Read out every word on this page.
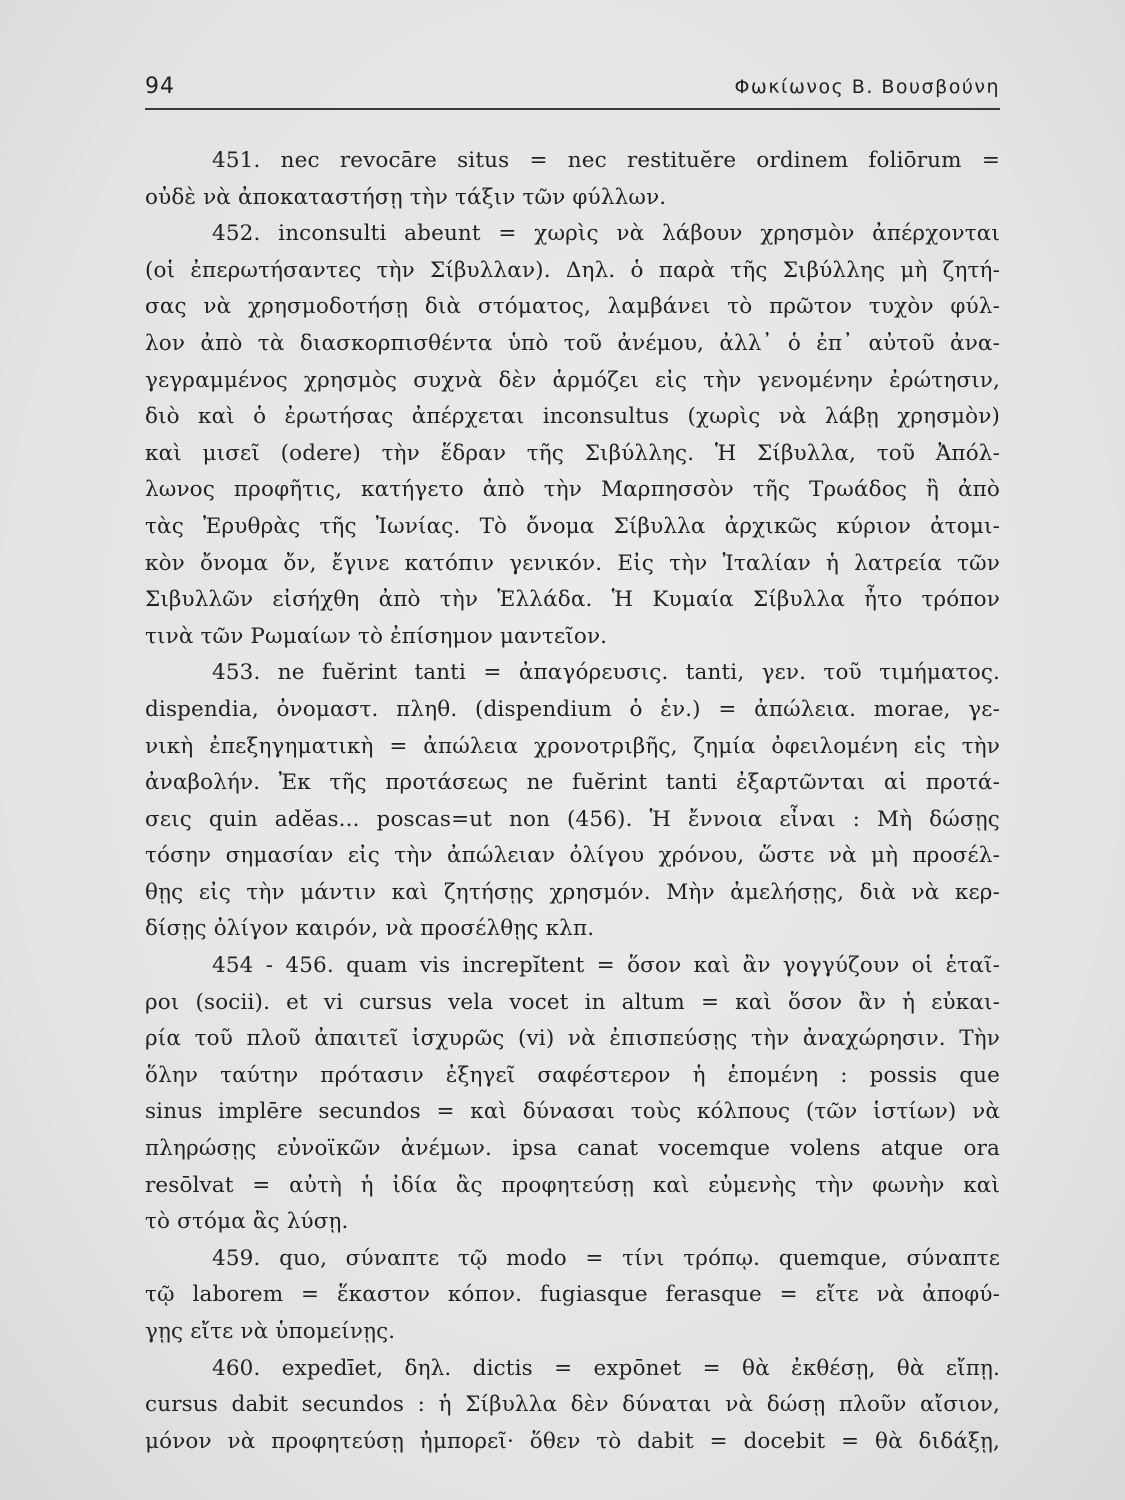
94	Φωκίωνος Β. Βουσβούνη
451. nec revocāre situs = nec restituĕre ordinem foliōrum =
οὐδὲ νὰ ἀποκαταστήσῃ τὴν τάξιν τῶν φύλλων.
452. inconsulti abeunt = χωρὶς νὰ λάβουν χρησμὸν ἀπέρχονται
(οἱ ἐπερωτήσαντες τὴν Σίβυλλαν). Δηλ. ὁ παρὰ τῆς Σιβύλλης μὴ ζητή-
σας νὰ χρησμοδοτήσῃ διὰ στόματος, λαμβάνει τὸ πρῶτον τυχὸν φύλ-
λον ἀπὸ τὰ διασκορπισθέντα ὑπὸ τοῦ ἀνέμου, ἀλλ᾽ ὁ ἐπ᾽ αὐτοῦ ἀνα-
γεγραμμένος χρησμὸς συχνὰ δὲν ἁρμόζει εἰς τὴν γενομένην ἐρώτησιν,
διὸ καὶ ὁ ἐρωτήσας ἀπέρχεται inconsultus (χωρὶς νὰ λάβῃ χρησμὸν)
καὶ μισεῖ (odere) τὴν ἕδραν τῆς Σιβύλλης. Ἡ Σίβυλλα, τοῦ Ἀπόλ-
λωνος προφῆτις, κατήγετο ἀπὸ τὴν Μαρπησσὸν τῆς Τρωάδος ἢ ἀπὸ
τὰς Ἐρυθρὰς τῆς Ἰωνίας. Τὸ ὄνομα Σίβυλλα ἀρχικῶς κύριον ἀτομι-
κὸν ὄνομα ὄν, ἔγινε κατόπιν γενικόν. Εἰς τὴν Ἰταλίαν ἡ λατρεία τῶν
Σιβυλλῶν εἰσήχθη ἀπὸ τὴν Ἑλλάδα. Ἡ Κυμαία Σίβυλλα ἦτο τρόπον
τινὰ τῶν Ρωμαίων τὸ ἐπίσημον μαντεῖον.
453. ne fuĕrint tanti = ἀπαγόρευσις. tanti, γεν. τοῦ τιμήματος.
dispendia, ὀνομαστ. πληθ. (dispendium ὁ ἑν.) = ἀπώλεια. morae, γε-
νικὴ ἐπεξηγηματικὴ = ἀπώλεια χρονοτριβῆς, ζημία ὀφειλομένη εἰς τὴν
ἀναβολήν. Ἐκ τῆς προτάσεως ne fuĕrint tanti ἐξαρτῶνται αἱ προτά-
σεις quin adĕas... poscas=ut non (456). Ἡ ἔννοια εἶναι : Μὴ δώσῃς
τόσην σημασίαν εἰς τὴν ἀπώλειαν ὀλίγου χρόνου, ὥστε νὰ μὴ προσέλ-
θῃς εἰς τὴν μάντιν καὶ ζητήσῃς χρησμόν. Μὴν ἀμελήσῃς, διὰ νὰ κερ-
δίσῃς ὀλίγον καιρόν, νὰ προσέλθῃς κλπ.
454 - 456. quam vis increpĭtent = ὅσον καὶ ἂν γογγύζουν οἱ ἑταῖ-
ροι (socii). et vi cursus vela vocet in altum = καὶ ὅσον ἂν ἡ εὐκαι-
ρία τοῦ πλοῦ ἀπαιτεῖ ἰσχυρῶς (vi) νὰ ἐπισπεύσῃς τὴν ἀναχώρησιν. Τὴν
ὅλην ταύτην πρότασιν ἐξηγεῖ σαφέστερον ἡ ἑπομένη : possis que
sinus implēre secundos = καὶ δύνασαι τοὺς κόλπους (τῶν ἱστίων) νὰ
πληρώσῃς εὐνοϊκῶν ἀνέμων. ipsa canat vocemque volens atque ora
resōlvat = αὐτὴ ἡ ἰδία ἂς προφητεύσῃ καὶ εὐμενὴς τὴν φωνὴν καὶ
τὸ στόμα ἂς λύσῃ.
459. quo, σύναπτε τῷ modo = τίνι τρόπῳ. quemque, σύναπτε
τῷ laborem = ἕκαστον κόπον. fugiasque ferasque = εἴτε νὰ ἀποφύ-
γῃς εἴτε νὰ ὑπομείνῃς.
460. expedīet, δηλ. dictis = expōnet = θὰ ἐκθέσῃ, θὰ εἴπῃ.
cursus dabit secundos : ἡ Σίβυλλα δὲν δύναται νὰ δώσῃ πλοῦν αἴσιον,
μόνον νὰ προφητεύσῃ ἠμπορεῖ· ὅθεν τὸ dabit = docebit = θὰ διδάξῃ,
